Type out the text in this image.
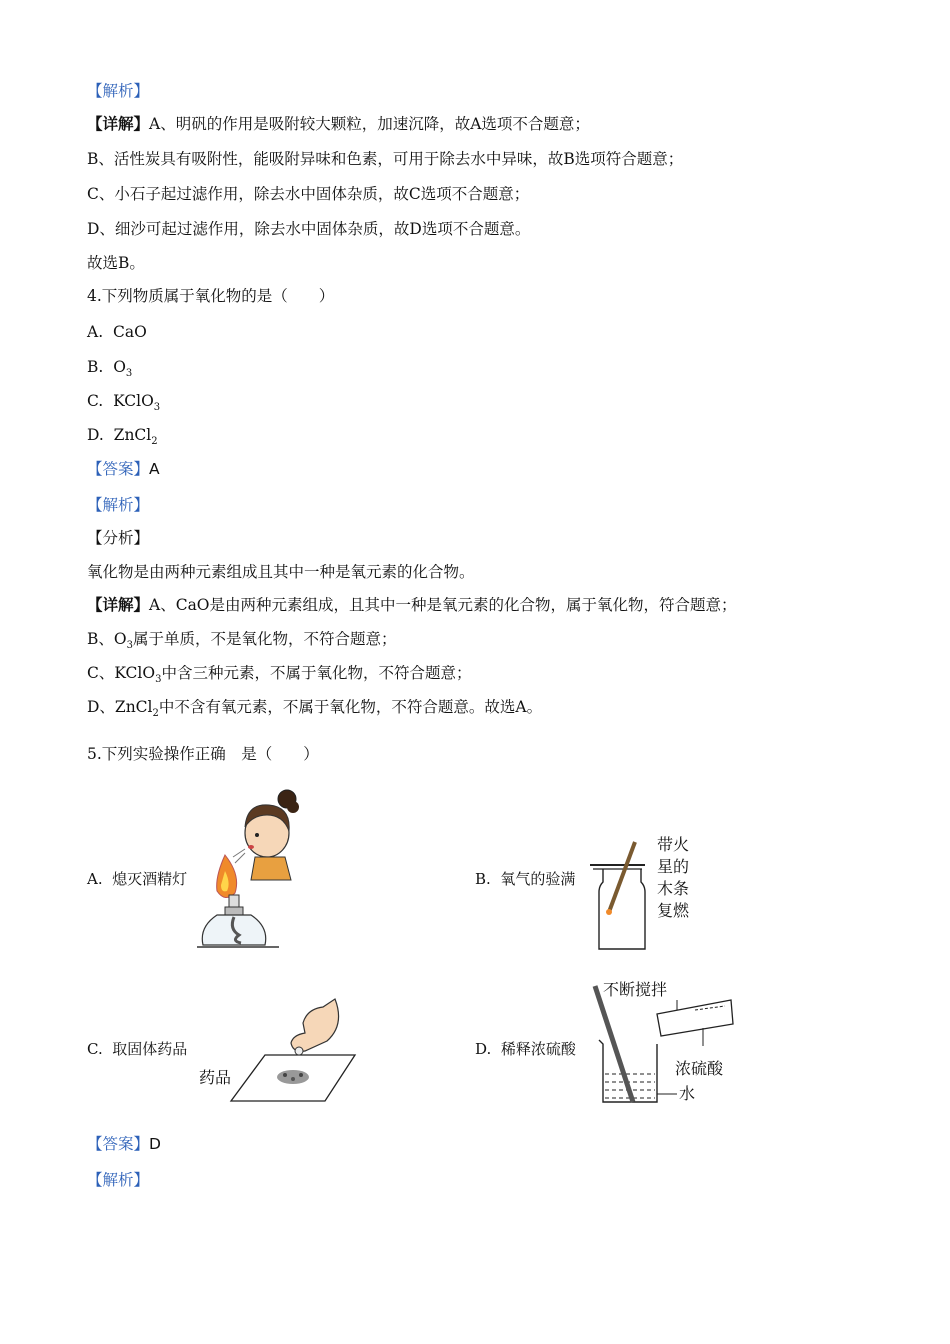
【解析】
【详解】A、明矾的作用是吸附较大颗粒，加速沉降，故A选项不合题意；
B、活性炭具有吸附性，能吸附异味和色素，可用于除去水中异味，故B选项符合题意；
C、小石子起过滤作用，除去水中固体杂质，故C选项不合题意；
D、细沙可起过滤作用，除去水中固体杂质，故D选项不合题意。
故选B。
4.下列物质属于氧化物的是（　　）
A. CaO
B. $O_3$
C. KClO$_3$
D. ZnCl$_2$
【答案】A
【解析】
【分析】
氧化物是由两种元素组成且其中一种是氧元素的化合物。
【详解】A、CaO是由两种元素组成，且其中一种是氧元素的化合物，属于氧化物，符合题意；
B、$O_3$属于单质，不是氧化物，不符合题意；
C、KClO$_3$中含三种元素，不属于氧化物，不符合题意；
D、ZnCl$_2$中不含有氧元素，不属于氧化物，不符合题意。故选A。
5.下列实验操作正确　是（　　）
A. 熄灭酒精灯	B. 氧气的验满
C. 取固体药品	D. 稀释浓硫酸
带火
星的
木条
复燃
药品
不断搅拌
浓硫酸
水
【答案】D
【解析】
